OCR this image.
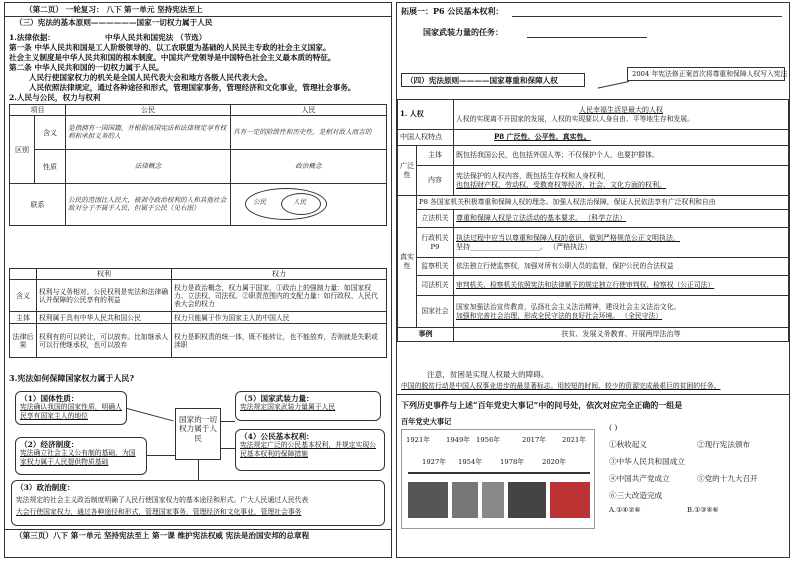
（第二页） 一轮复习： 八下 第一单元 坚持宪法至上
（三）宪法的基本原则——————国家一切权力属于人民
1.法律依据：	中华人民共和国宪法 （节选）
第一条 中华人民共和国是工人阶级领导的、以工农联盟为基础的人民民主专政的社会主义国家。
社会主义制度是中华人民共和国的根本制度。中国共产党领导是中国特色社会主义最本质的特征。
第二条 中华人民共和国的一切权力属于人民。
人民行使国家权力的机关是全国人民代表大会和地方各级人民代表大会。
人民依照法律规定，通过各种途径和形式，管理国家事务，管理经济和文化事业，管理社会事务。
2.人民与公民，权力与权利
项目		公民	人民
区别	含义	是指拥有一国国籍，并根据该国宪法和法律规定享有权利和承担义务的人	具有一定的阶级性和历史性，是相对敌人而言的
	性质	法律概念	政治概念
联系		公民的范围比人民大，被剥夺政治权利的人和其他社会敌对分子不属于人民，但属于公民（见右图）	公民 人民
	权利	权力
含义	权利与义务相对。公民权利是宪法和法律确认并保障的公民享有的利益	权力是政治概念，权力属于国家，①政治上的强制力量：如国家权力、立法权、司法权。②职责范围内的支配力量：如行政权、人民代表大会的权力
主体	权利属于具有中华人民共和国公民	权力只能属于作为国家主人的中国人民
法律后果	权利有的可以转让，可以放弃。比如继承人可以行使继承权，也可以放弃	权力是职权责的统一体，既不能转让，也不能放弃，否则就是失职或渎职
3.宪法如何保障国家权力属于人民?
（1）国体性质：
宪法确认我国的国家性质，明确人民享有国家主人的地位
（2）经济制度：
宪法确立社会主义公有制的基础，为国家权力属于人民提供物质基础
国家的一切权力属于人民
（5）国家武装力量：
宪法规定国家武装力量属于人民
（4）公民基本权利：
宪法规定广泛的公民基本权利，并规定实现公民基本权利的保障措施
（3）政治制度：
宪法规定的社会主义政治制度明确了人民行使国家权力的基本途径和形式。广大人民通过人民代表
大会行使国家权力，通过各种途径和形式，管理国家事务，管理经济和文化事业，管理社会事务
（第三页）八下 第一单元 坚持宪法至上 第一课 维护宪法权威 宪法是治国安邦的总章程
拓展一：P6 公民基本权利：
国家武装力量的任务：
（四）宪法原则————国家尊重和保障人权
2004 年宪法修正案首次将尊重和保障人权写入宪法
1. 人权		人民幸福生活是最大的人权
人权的实现离不开国家的发展，人权的实现要以人身自由、平等地生存和发展。

中国人权特点		P8 广泛性、公平性、真实性。
广泛性	主体	既包括我国公民，也包括外国人等；不仅保护个人，也要护群体。
	内容	宪法保护的人权内容，既包括生存权和人身权利，
也包括财产权、劳动权、受教育权等经济、社会、文化方面的权利。

真实性	P8 各国家机关积极尊重和保障人权的理念。加强人权法治保障，保证人民依法享有广泛权利和自由	
	立法机关	尊重和保障人权是立法活动的基本要求。 （科学立法）
	行政机关 P9	执法过程中应当以尊重和保障人权的意识，做到严格规范公正文明执法，
坚持____________________。 （严格执法）

	监察机关	依法独立行使监察权，加强对所有公职人员的监督，保护公民的合法权益
	司法机关	审判机关、检察机关依照宪法和法律赋予的规定独立行使审判权、检察权（公正司法）
	国家社会	国家加强法治宣传教育，弘扬社会主义法治精神，建设社会主义法治文化。
加强和完善社会治理，形成全民守法的良好社会环境。 （全民守法）

事例		扶贫、发展义务教育、开展两岸法治等
注意，贫困是实现人权最大的障碍。
中国的脱贫行动是中国人权事业进步的最显著标志。用较短的时间、较少的资源完成最艰巨的贫困的任务。
下列历史事件与上述“百年党史大事记”中的问号处，依次对应完全正确的一组是
百年党史大事记
1921年 1949年 1956年	2017年 2021年
1927年 1954年	1978年	2020年
( )
①秋收起义	②现行宪法颁布
③中华人民共和国成立
④中国共产党成立	⑤党的十九大召开
⑥三大改造完成
A.①④②⑥	B.①③④⑥
